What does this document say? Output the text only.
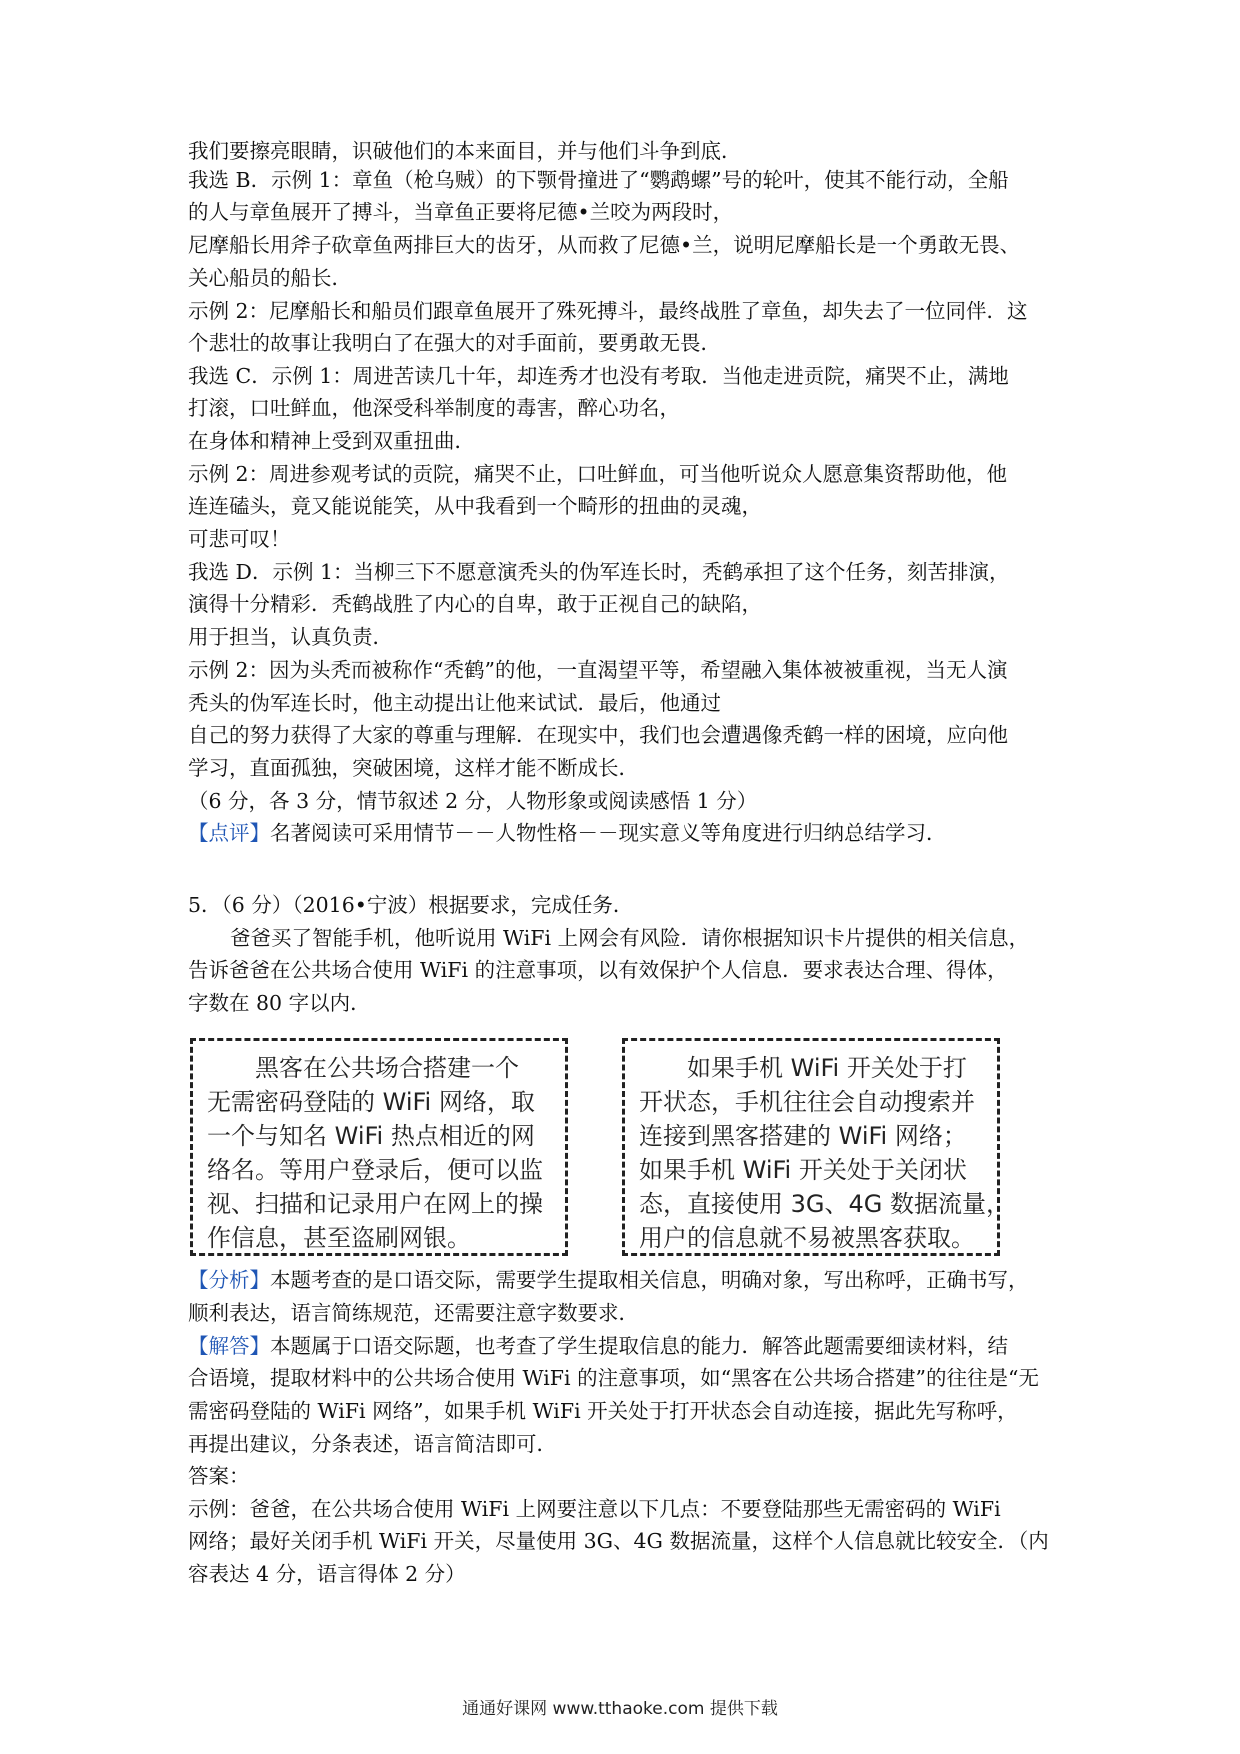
我们要擦亮眼睛，识破他们的本来面目，并与他们斗争到底．
我选 B．示例 1：章鱼（枪乌贼）的下颚骨撞进了“鹦鹉螺”号的轮叶，使其不能行动，全船
的人与章鱼展开了搏斗，当章鱼正要将尼德•兰咬为两段时，
尼摩船长用斧子砍章鱼两排巨大的齿牙，从而救了尼德•兰，说明尼摩船长是一个勇敢无畏、
关心船员的船长．
示例 2：尼摩船长和船员们跟章鱼展开了殊死搏斗，最终战胜了章鱼，却失去了一位同伴．这
个悲壮的故事让我明白了在强大的对手面前，要勇敢无畏．
我选 C．示例 1：周进苦读几十年，却连秀才也没有考取．当他走进贡院，痛哭不止，满地
打滚，口吐鲜血，他深受科举制度的毒害，醉心功名，
在身体和精神上受到双重扭曲．
示例 2：周进参观考试的贡院，痛哭不止，口吐鲜血，可当他听说众人愿意集资帮助他，他
连连磕头，竟又能说能笑，从中我看到一个畸形的扭曲的灵魂，
可悲可叹！
我选 D．示例 1：当柳三下不愿意演秃头的伪军连长时，秃鹤承担了这个任务，刻苦排演，
演得十分精彩．秃鹤战胜了内心的自卑，敢于正视自己的缺陷，
用于担当，认真负责．
示例 2：因为头秃而被称作“秃鹤”的他，一直渴望平等，希望融入集体被被重视，当无人演
秃头的伪军连长时，他主动提出让他来试试．最后，他通过
自己的努力获得了大家的尊重与理解．在现实中，我们也会遭遇像秃鹤一样的困境，应向他
学习，直面孤独，突破困境，这样才能不断成长．
（6 分，各 3 分，情节叙述 2 分，人物形象或阅读感悟 1 分）
【点评】名著阅读可采用情节－－人物性格－－现实意义等角度进行归纳总结学习．
5．（6 分）（2016•宁波）根据要求，完成任务．
爸爸买了智能手机，他听说用 WiFi 上网会有风险．请你根据知识卡片提供的相关信息，
告诉爸爸在公共场合使用 WiFi 的注意事项，以有效保护个人信息．要求表达合理、得体，
字数在 80 字以内．
黑客在公共场合搭建一个
无需密码登陆的 WiFi 网络，取
一个与知名 WiFi 热点相近的网
络名。等用户登录后，便可以监
视、扫描和记录用户在网上的操
作信息，甚至盗刷网银。
如果手机 WiFi 开关处于打
开状态，手机往往会自动搜索并
连接到黑客搭建的 WiFi 网络；
如果手机 WiFi 开关处于关闭状
态，直接使用 3G、4G 数据流量，
用户的信息就不易被黑客获取。
【分析】本题考查的是口语交际，需要学生提取相关信息，明确对象，写出称呼，正确书写，
顺利表达，语言简练规范，还需要注意字数要求．
【解答】本题属于口语交际题，也考查了学生提取信息的能力．解答此题需要细读材料，结
合语境，提取材料中的公共场合使用 WiFi 的注意事项，如“黑客在公共场合搭建”的往往是“无
需密码登陆的 WiFi 网络”，如果手机 WiFi 开关处于打开状态会自动连接，据此先写称呼，
再提出建议，分条表述，语言简洁即可．
答案：
示例：爸爸，在公共场合使用 WiFi 上网要注意以下几点：不要登陆那些无需密码的 WiFi
网络；最好关闭手机 WiFi 开关，尽量使用 3G、4G 数据流量，这样个人信息就比较安全．（内
容表达 4 分，语言得体 2 分）
通通好课网 www.tthaoke.com 提供下载
